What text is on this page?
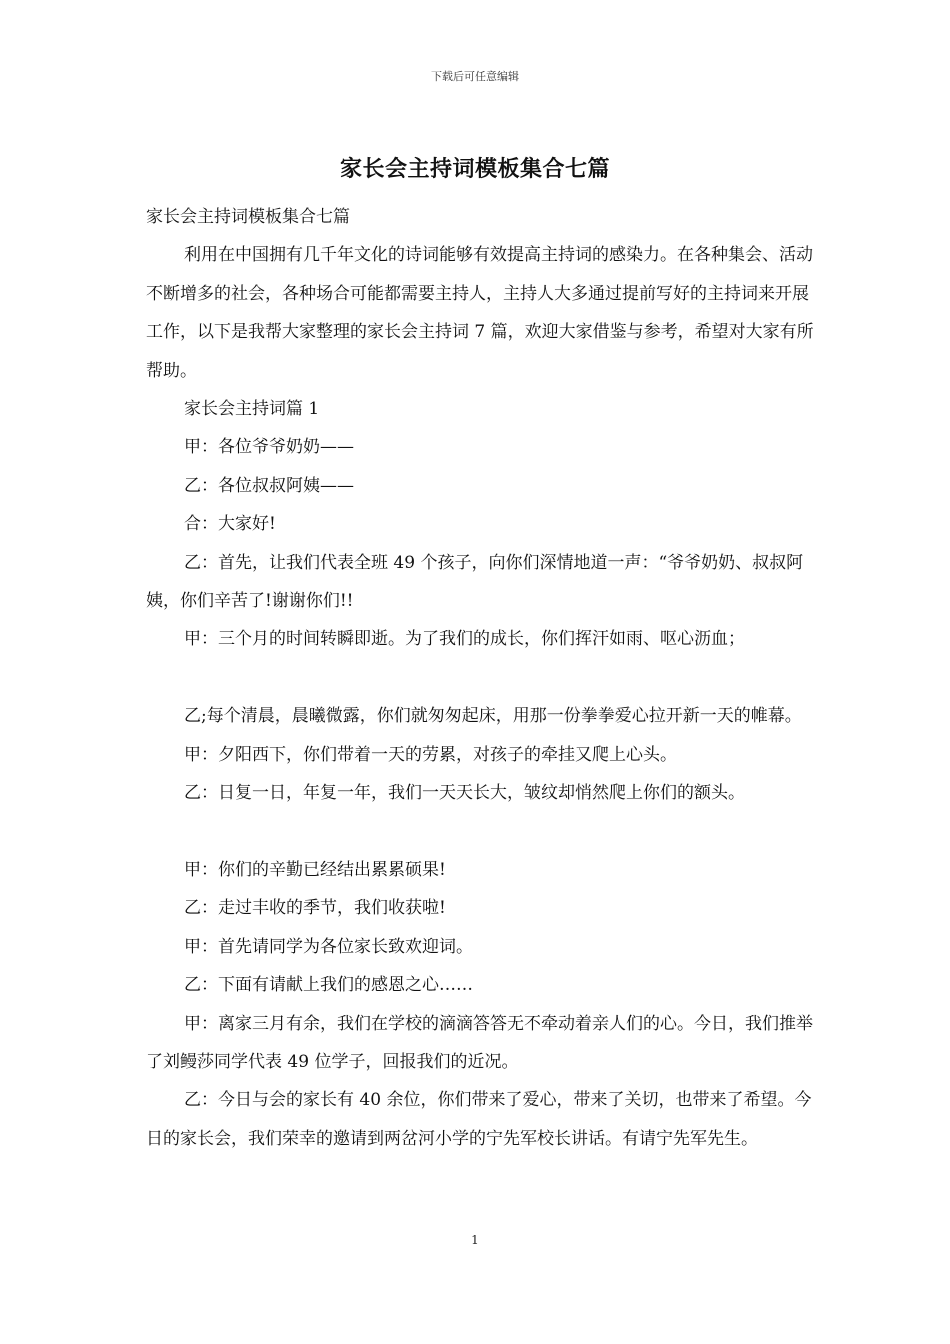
下载后可任意编辑
家长会主持词模板集合七篇

家长会主持词模板集合七篇

利用在中国拥有几千年文化的诗词能够有效提高主持词的感染力。在各种集会、活动不断增多的社会，各种场合可能都需要主持人，主持人大多通过提前写好的主持词来开展工作，以下是我帮大家整理的家长会主持词 7 篇，欢迎大家借鉴与参考，希望对大家有所帮助。

家长会主持词篇 1

甲：各位爷爷奶奶——

乙：各位叔叔阿姨——

合：大家好!

乙：首先，让我们代表全班 49 个孩子，向你们深情地道一声：“爷爷奶奶、叔叔阿姨，你们辛苦了!谢谢你们!!

甲：三个月的时间转瞬即逝。为了我们的成长，你们挥汗如雨、呕心沥血；

乙;每个清晨，晨曦微露，你们就匆匆起床，用那一份拳拳爱心拉开新一天的帷幕。

甲：夕阳西下，你们带着一天的劳累，对孩子的牵挂又爬上心头。

乙：日复一日，年复一年，我们一天天长大，皱纹却悄然爬上你们的额头。

甲：你们的辛勤已经结出累累硕果!

乙：走过丰收的季节，我们收获啦!

甲：首先请同学为各位家长致欢迎词。

乙：下面有请献上我们的感恩之心……

甲：离家三月有余，我们在学校的滴滴答答无不牵动着亲人们的心。今日，我们推举了刘鳗莎同学代表 49 位学子，回报我们的近况。

乙：今日与会的家长有 40 余位，你们带来了爱心，带来了关切，也带来了希望。今日的家长会，我们荣幸的邀请到两岔河小学的宁先军校长讲话。有请宁先军先生。

1
